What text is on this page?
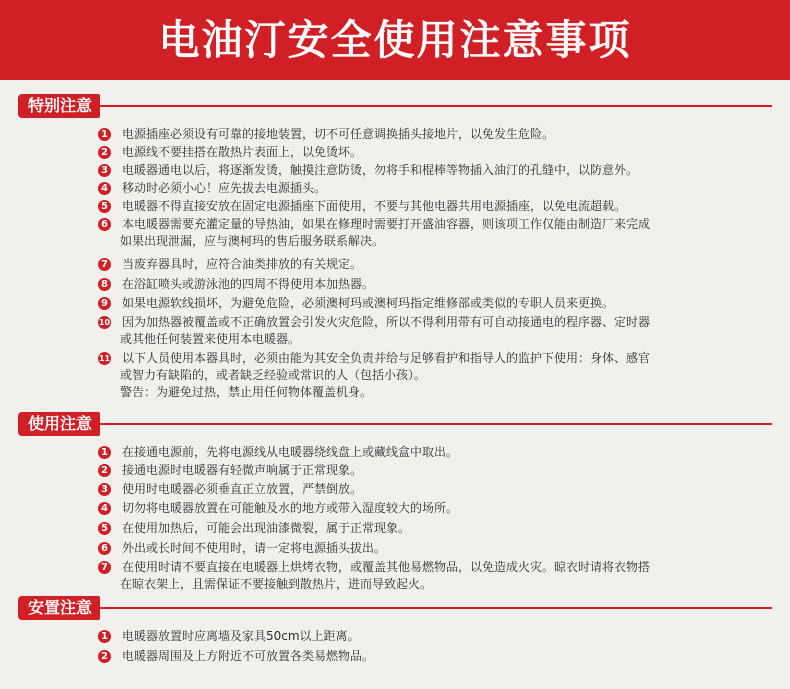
电油汀安全使用注意事项
特别注意
1 电源插座必须设有可靠的接地装置，切不可任意调换插头接地片，以免发生危险。
2 电源线不要挂搭在散热片表面上，以免烫坏。
3 电暖器通电以后，将逐渐发烫，触摸注意防烫，勿将手和棍棒等物插入油汀的孔缝中，以防意外。
4 移动时必须小心！应先拔去电源插头。
5 电暖器不得直接安放在固定电源插座下面使用，不要与其他电器共用电源插座，以免电流超载。
6 本电暖器需要充灌定量的导热油，如果在修理时需要打开盛油容器，则该项工作仅能由制造厂来完成
如果出现泄漏，应与澳柯玛的售后服务联系解决。
7 当废弃器具时，应符合油类排放的有关规定。
8 在浴缸喷头或游泳池的四周不得使用本加热器。
9 如果电源软线损坏，为避免危险，必须澳柯玛或澳柯玛指定维修部或类似的专职人员来更换。
10 因为加热器被覆盖或不正确放置会引发火灾危险，所以不得利用带有可自动接通电的程序器、定时器
或其他任何装置来使用本电暖器。
11 以下人员使用本器具时，必须由能为其安全负责并给与足够看护和指导人的监护下使用：身体、感官
或智力有缺陷的，或者缺乏经验或常识的人（包括小孩）。
警告：为避免过热，禁止用任何物体覆盖机身。
使用注意
1 在接通电源前，先将电源线从电暖器绕线盘上或藏线盒中取出。
2 接通电源时电暖器有轻微声响属于正常现象。
3 使用时电暖器必须垂直正立放置，严禁倒放。
4 切勿将电暖器放置在可能触及水的地方或带入湿度较大的场所。
5 在使用加热后，可能会出现油漆微裂，属于正常现象。
6 外出或长时间不使用时，请一定将电源插头拔出。
7 在使用时请不要直接在电暖器上烘烤衣物，或覆盖其他易燃物品，以免造成火灾。晾衣时请将衣物搭
在晾衣架上，且需保证不要接触到散热片，进而导致起火。
安置注意
1 电暖器放置时应离墙及家具50cm以上距离。
2 电暖器周围及上方附近不可放置各类易燃物品。
